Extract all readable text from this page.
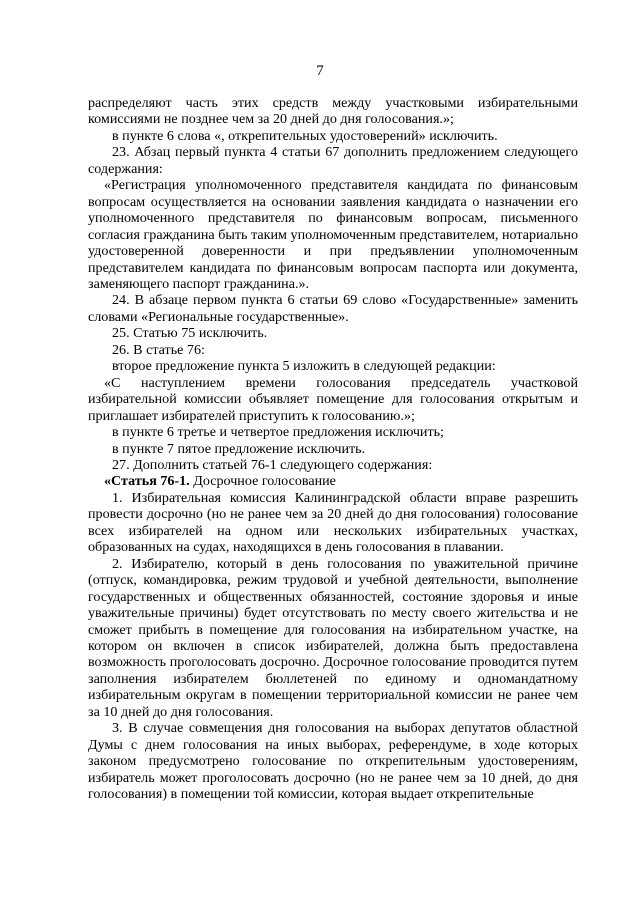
7

распределяют часть этих средств между участковыми избирательными комиссиями не позднее чем за 20 дней до дня голосования.»;

в пункте 6 слова «, открепительных удостоверений» исключить.

23. Абзац первый пункта 4 статьи 67 дополнить предложением следующего содержания:

«Регистрация уполномоченного представителя кандидата по финансовым вопросам осуществляется на основании заявления кандидата о назначении его уполномоченного представителя по финансовым вопросам, письменного согласия гражданина быть таким уполномоченным представителем, нотариально удостоверенной доверенности и при предъявлении уполномоченным представителем кандидата по финансовым вопросам паспорта или документа, заменяющего паспорт гражданина.».

24. В абзаце первом пункта 6 статьи 69 слово «Государственные» заменить словами «Региональные государственные».

25. Статью 75 исключить.

26. В статье 76:

второе предложение пункта 5 изложить в следующей редакции:

«С наступлением времени голосования председатель участковой избирательной комиссии объявляет помещение для голосования открытым и приглашает избирателей приступить к голосованию.»;

в пункте 6 третье и четвертое предложения исключить;

в пункте 7 пятое предложение исключить.

27. Дополнить статьей 76-1 следующего содержания:

«Статья 76-1. Досрочное голосование

1. Избирательная комиссия Калининградской области вправе разрешить провести досрочно (но не ранее чем за 20 дней до дня голосования) голосование всех избирателей на одном или нескольких избирательных участках, образованных на судах, находящихся в день голосования в плавании.

2. Избирателю, который в день голосования по уважительной причине (отпуск, командировка, режим трудовой и учебной деятельности, выполнение государственных и общественных обязанностей, состояние здоровья и иные уважительные причины) будет отсутствовать по месту своего жительства и не сможет прибыть в помещение для голосования на избирательном участке, на котором он включен в список избирателей, должна быть предоставлена возможность проголосовать досрочно. Досрочное голосование проводится путем заполнения избирателем бюллетеней по единому и одномандатному избирательным округам в помещении территориальной комиссии не ранее чем за 10 дней до дня голосования.

3. В случае совмещения дня голосования на выборах депутатов областной Думы с днем голосования на иных выборах, референдуме, в ходе которых законом предусмотрено голосование по открепительным удостоверениям, избиратель может проголосовать досрочно (но не ранее чем за 10 дней, до дня голосования) в помещении той комиссии, которая выдает открепительные
